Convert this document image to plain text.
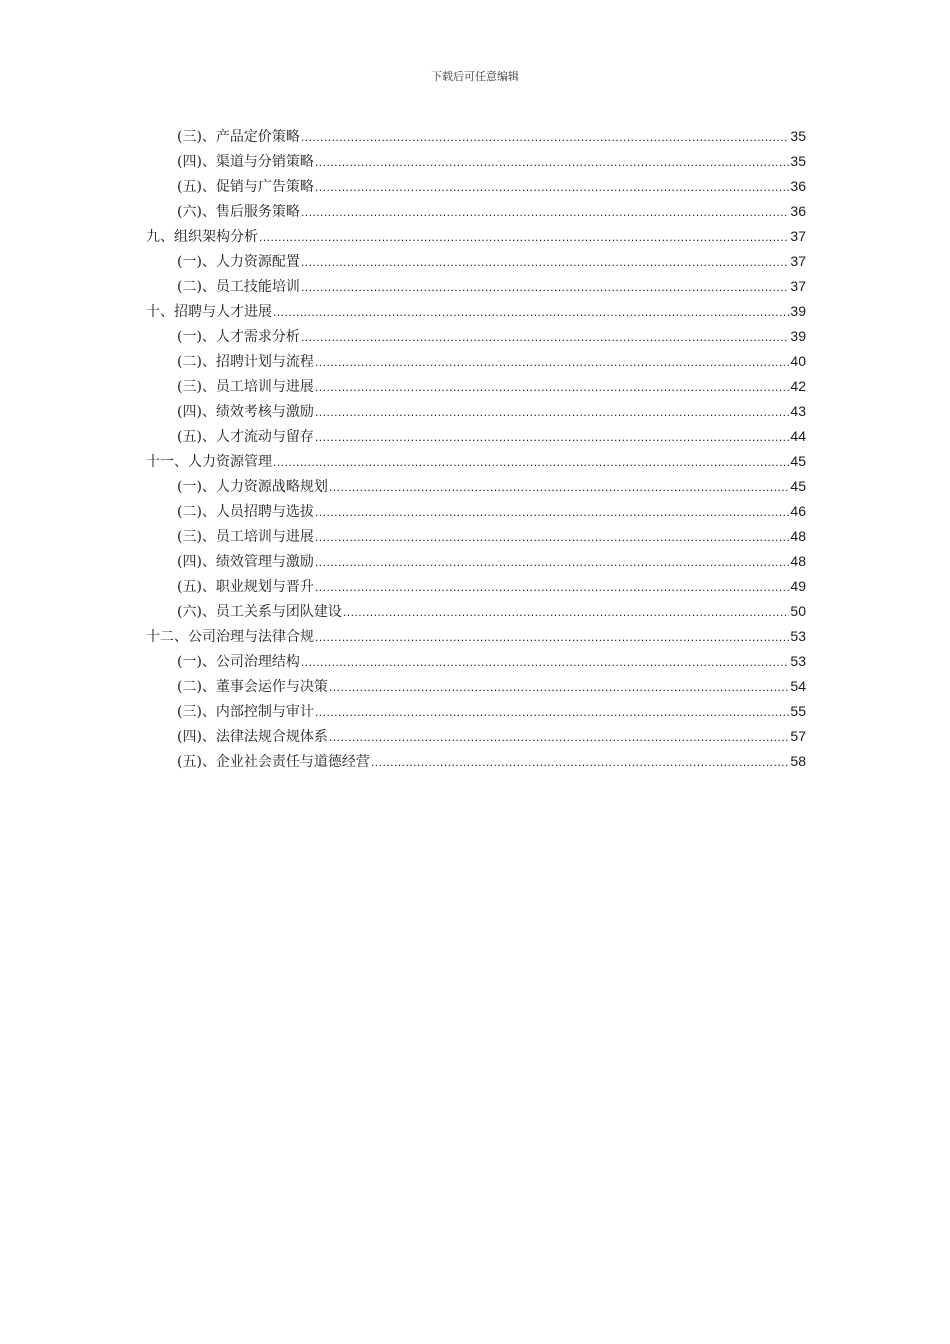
下载后可任意编辑
(三)、产品定价策略 .....	35
(四)、渠道与分销策略 .....	35
(五)、促销与广告策略 .....	36
(六)、售后服务策略 .....	36
九、组织架构分析 .....	37
(一)、人力资源配置 .....	37
(二)、员工技能培训 .....	37
十、招聘与人才进展 .....	39
(一)、人才需求分析 .....	39
(二)、招聘计划与流程 .....	40
(三)、员工培训与进展 .....	42
(四)、绩效考核与激励 .....	43
(五)、人才流动与留存 .....	44
十一、人力资源管理 .....	45
(一)、人力资源战略规划 .....	45
(二)、人员招聘与选拔 .....	46
(三)、员工培训与进展 .....	48
(四)、绩效管理与激励 .....	48
(五)、职业规划与晋升 .....	49
(六)、员工关系与团队建设 .....	50
十二、公司治理与法律合规 .....	53
(一)、公司治理结构 .....	53
(二)、董事会运作与决策 .....	54
(三)、内部控制与审计 .....	55
(四)、法律法规合规体系 .....	57
(五)、企业社会责任与道德经营 .....	58
